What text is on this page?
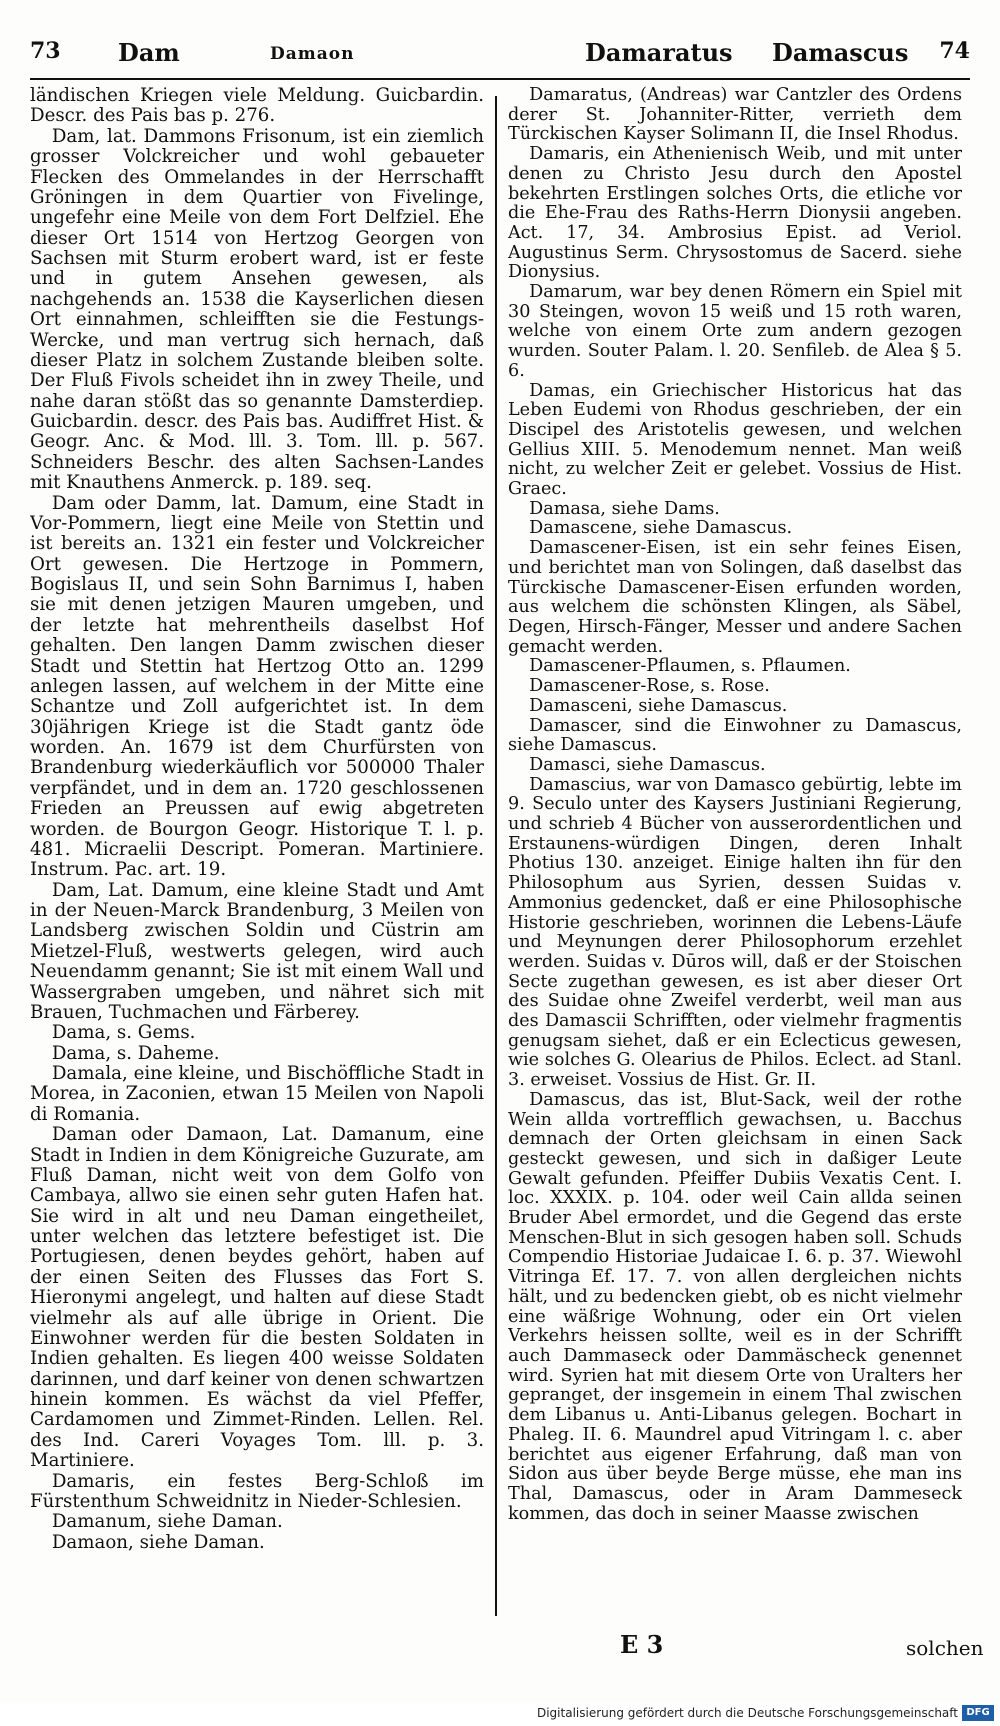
73 Dam	Damaon	Damaratus Damascus 74

ländischen Kriegen viele Meldung. Guicbardin. Descr. des Pais bas p. 276.

Dam, lat. Dammons Frisonum, ist ein ziemlich grosser Volckreicher und wohl gebaueter Flecken des Ommelandes in der Herrschafft Gröningen in dem Quartier von Fivelinge, ungefehr eine Meile von dem Fort Delfziel. Ehe dieser Ort 1514 von Hertzog Georgen von Sachsen mit Sturm erobert ward, ist er feste und in gutem Ansehen gewesen, als nachgehends an. 1538 die Kayserlichen diesen Ort einnahmen, schleifften sie die Festungs-Wercke, und man vertrug sich hernach, daß dieser Platz in solchem Zustande bleiben solte. Der Fluß Fivols scheidet ihn in zwey Theile, und nahe daran stößt das so genannte Damsterdiep. Guicbardin. descr. des Pais bas. Audiffret Hist. & Geogr. Anc. & Mod. lll. 3. Tom. lll. p. 567. Schneiders Beschr. des alten Sachsen-Landes mit Knauthens Anmerck. p. 189. seq.

Dam oder Damm, lat. Damum, eine Stadt in Vor-Pommern, liegt eine Meile von Stettin und ist bereits an. 1321 ein fester und Volckreicher Ort gewesen. Die Hertzoge in Pommern, Bogislaus II, und sein Sohn Barnimus I, haben sie mit denen jetzigen Mauren umgeben, und der letzte hat mehrentheils daselbst Hof gehalten. Den langen Damm zwischen dieser Stadt und Stettin hat Hertzog Otto an. 1299 anlegen lassen, auf welchem in der Mitte eine Schantze und Zoll aufgerichtet ist. In dem 30jährigen Kriege ist die Stadt gantz öde worden. An. 1679 ist dem Churfürsten von Brandenburg wiederkäuflich vor 500000 Thaler verpfändet, und in dem an. 1720 geschlossenen Frieden an Preussen auf ewig abgetreten worden. de Bourgon Geogr. Historique T. l. p. 481. Micraelii Descript. Pomeran. Martiniere. Instrum. Pac. art. 19.

Dam, Lat. Damum, eine kleine Stadt und Amt in der Neuen-Marck Brandenburg, 3 Meilen von Landsberg zwischen Soldin und Cüstrin am Mietzel-Fluß, westwerts gelegen, wird auch Neuendamm genannt; Sie ist mit einem Wall und Wassergraben umgeben, und nähret sich mit Brauen, Tuchmachen und Färberey.

Dama, s. Gems.

Dama, s. Daheme.

Damala, eine kleine, und Bischöffliche Stadt in Morea, in Zaconien, etwan 15 Meilen von Napoli di Romania.

Daman oder Damaon, Lat. Damanum, eine Stadt in Indien in dem Königreiche Guzurate, am Fluß Daman, nicht weit von dem Golfo von Cambaya, allwo sie einen sehr guten Hafen hat. Sie wird in alt und neu Daman eingetheilet, unter welchen das letztere befestiget ist. Die Portugiesen, denen beydes gehört, haben auf der einen Seiten des Flusses das Fort S. Hieronymi angelegt, und halten auf diese Stadt vielmehr als auf alle übrige in Orient. Die Einwohner werden für die besten Soldaten in Indien gehalten. Es liegen 400 weisse Soldaten darinnen, und darf keiner von denen schwartzen hinein kommen. Es wächst da viel Pfeffer, Cardamomen und Zimmet-Rinden. Lellen. Rel. des Ind. Careri Voyages Tom. lll. p. 3. Martiniere.

Damaris, ein festes Berg-Schloß im Fürstenthum Schweidnitz in Nieder-Schlesien.

Damanum, siehe Daman.

Damaon, siehe Daman.

Damaratus, (Andreas) war Cantzler des Ordens derer St. Johanniter-Ritter, verrieth dem Türckischen Kayser Solimann II, die Insel Rhodus.

Damaris, ein Athenienisch Weib, und mit unter denen zu Christo Jesu durch den Apostel bekehrten Erstlingen solches Orts, die etliche vor die Ehe-Frau des Raths-Herrn Dionysii angeben. Act. 17, 34. Ambrosius Epist. ad Veriol. Augustinus Serm. Chrysostomus de Sacerd. siehe Dionysius.

Damarum, war bey denen Römern ein Spiel mit 30 Steingen, wovon 15 weiß und 15 roth waren, welche von einem Orte zum andern gezogen wurden. Souter Palam. l. 20. Senfileb. de Alea § 5. 6.

Damas, ein Griechischer Historicus hat das Leben Eudemi von Rhodus geschrieben, der ein Discipel des Aristotelis gewesen, und welchen Gellius XIII. 5. Menodemum nennet. Man weiß nicht, zu welcher Zeit er gelebet. Vossius de Hist. Graec.

Damasa, siehe Dams.

Damascene, siehe Damascus.

Damascener-Eisen, ist ein sehr feines Eisen, und berichtet man von Solingen, daß daselbst das Türckische Damascener-Eisen erfunden worden, aus welchem die schönsten Klingen, als Säbel, Degen, Hirsch-Fänger, Messer und andere Sachen gemacht werden.

Damascener-Pflaumen, s. Pflaumen.

Damascener-Rose, s. Rose.

Damasceni, siehe Damascus.

Damascer, sind die Einwohner zu Damascus, siehe Damascus.

Damasci, siehe Damascus.

Damascius, war von Damasco gebürtig, lebte im 9. Seculo unter des Kaysers Justiniani Regierung, und schrieb 4 Bücher von ausserordentlichen und Erstaunens-würdigen Dingen, deren Inhalt Photius 130. anzeiget. Einige halten ihn für den Philosophum aus Syrien, dessen Suidas v. Ammonius gedencket, daß er eine Philosophische Historie geschrieben, worinnen die Lebens-Läufe und Meynungen derer Philosophorum erzehlet werden. Suidas v. Dūros will, daß er der Stoischen Secte zugethan gewesen, es ist aber dieser Ort des Suidae ohne Zweifel verderbt, weil man aus des Damascii Schrifften, oder vielmehr fragmentis genugsam siehet, daß er ein Eclecticus gewesen, wie solches G. Olearius de Philos. Eclect. ad Stanl. 3. erweiset. Vossius de Hist. Gr. II.

Damascus, das ist, Blut-Sack, weil der rothe Wein allda vortrefflich gewachsen, u. Bacchus demnach der Orten gleichsam in einen Sack gesteckt gewesen, und sich in daßiger Leute Gewalt gefunden. Pfeiffer Dubiis Vexatis Cent. I. loc. XXXIX. p. 104. oder weil Cain allda seinen Bruder Abel ermordet, und die Gegend das erste Menschen-Blut in sich gesogen haben soll. Schuds Compendio Historiae Judaicae I. 6. p. 37. Wiewohl Vitringa Ef. 17. 7. von allen dergleichen nichts hält, und zu bedencken giebt, ob es nicht vielmehr eine wäßrige Wohnung, oder ein Ort vielen Verkehrs heissen sollte, weil es in der Schrifft auch Dammaseck oder Dammäscheck genennet wird. Syrien hat mit diesem Orte von Uralters her gepranget, der insgemein in einem Thal zwischen dem Libanus u. Anti-Libanus gelegen. Bochart in Phaleg. II. 6. Maundrel apud Vitringam l. c. aber berichtet aus eigener Erfahrung, daß man von Sidon aus über beyde Berge müsse, ehe man ins Thal, Damascus, oder in Aram Dammeseck kommen, das doch in seiner Maasse zwischen

E 3	solchen
Digitalisierung gefördert durch die Deutsche Forschungsgemeinschaft DFG
